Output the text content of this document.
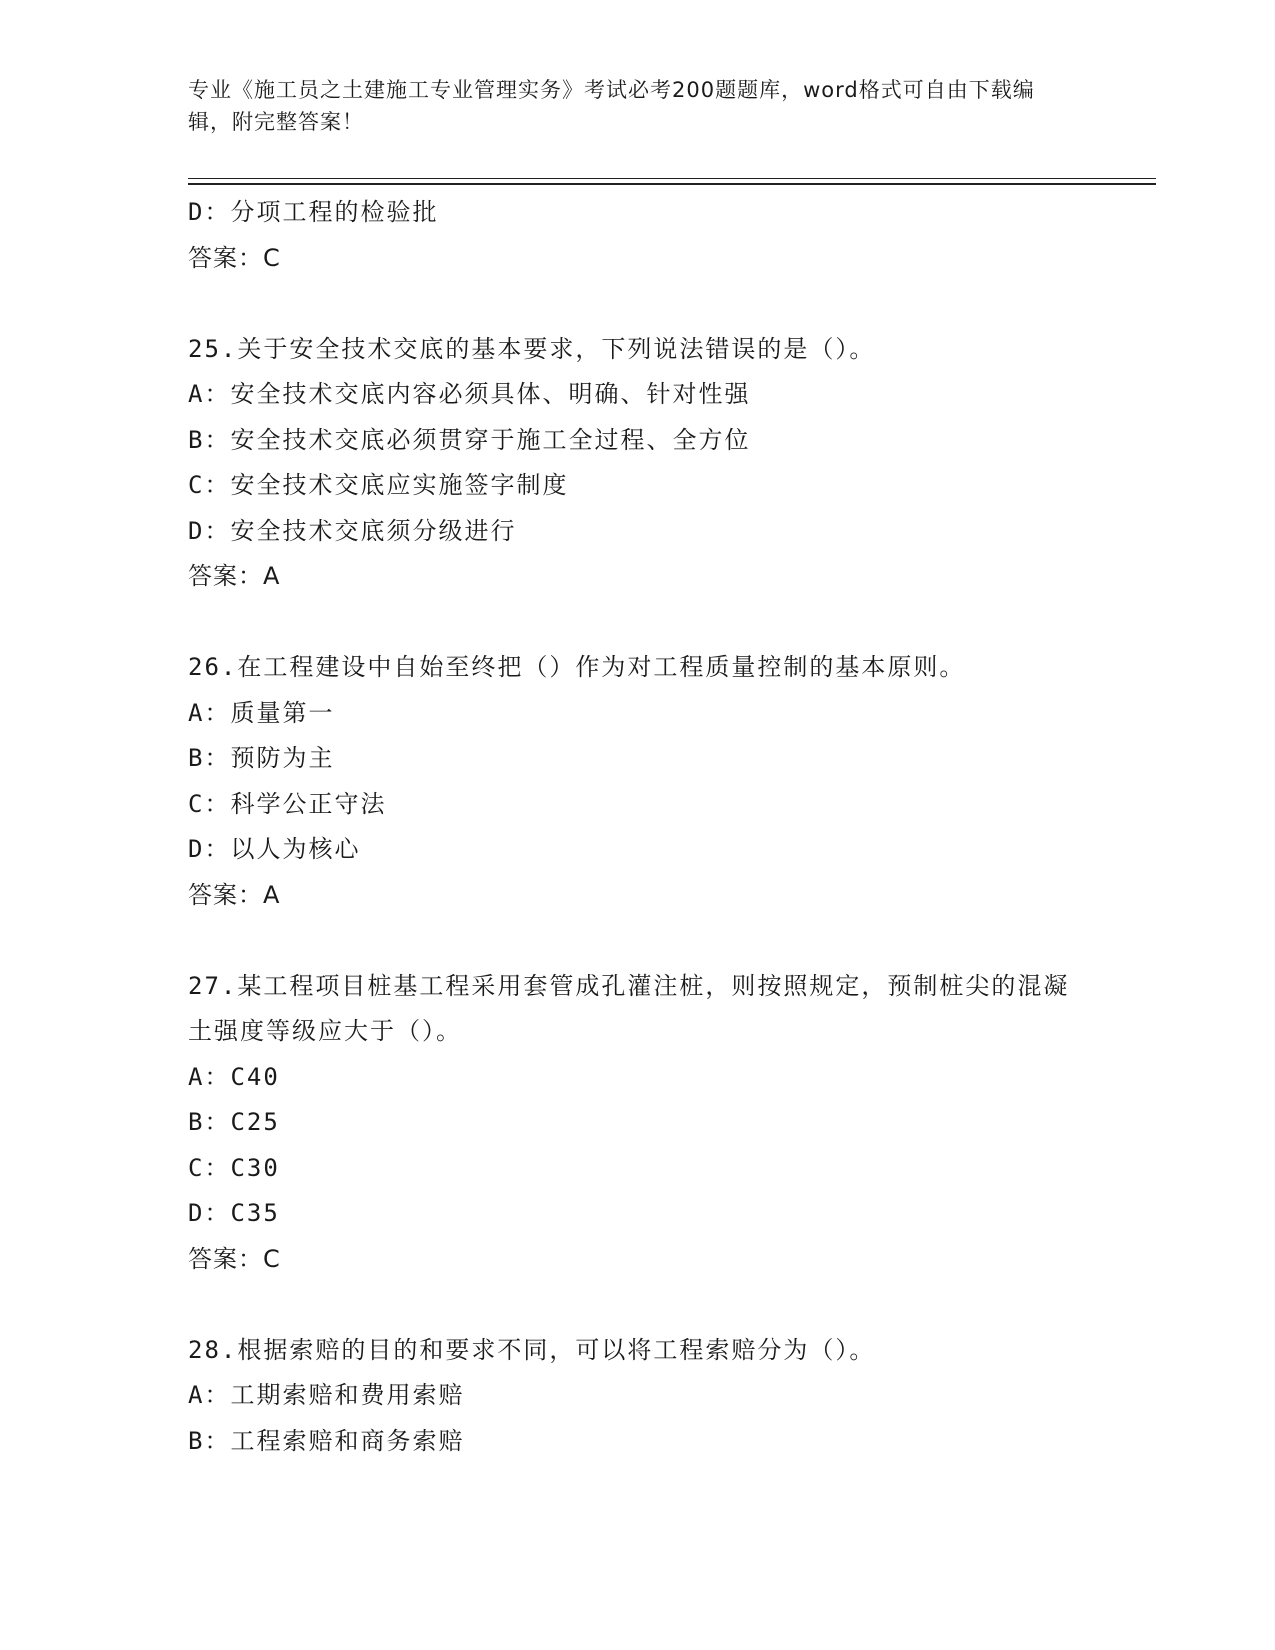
专业《施工员之土建施工专业管理实务》考试必考200题题库，word格式可自由下载编辑，附完整答案！
D：分项工程的检验批
答案：C
25.关于安全技术交底的基本要求，下列说法错误的是（）。
A：安全技术交底内容必须具体、明确、针对性强
B：安全技术交底必须贯穿于施工全过程、全方位
C：安全技术交底应实施签字制度
D：安全技术交底须分级进行
答案：A
26.在工程建设中自始至终把（）作为对工程质量控制的基本原则。
A：质量第一
B：预防为主
C：科学公正守法
D：以人为核心
答案：A
27.某工程项目桩基工程采用套管成孔灌注桩，则按照规定，预制桩尖的混凝土强度等级应大于（）。
A：C40
B：C25
C：C30
D：C35
答案：C
28.根据索赔的目的和要求不同，可以将工程索赔分为（）。
A：工期索赔和费用索赔
B：工程索赔和商务索赔
